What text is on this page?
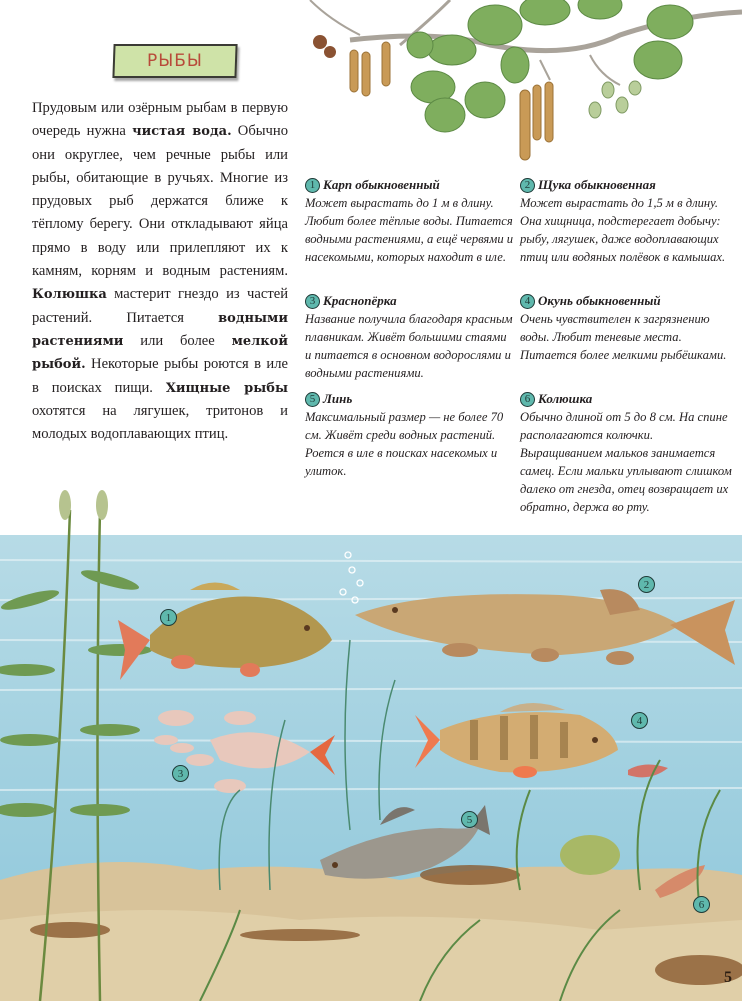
РЫБЫ
Прудовым или озёрным рыбам в первую очередь нужна чистая вода. Обычно они округлее, чем речные рыбы или рыбы, обитающие в ручьях. Многие из прудовых рыб держатся ближе к тёплому берегу. Они откладывают яйца прямо в воду или прилепляют их к камням, корням и водным растениям. Колюшка мастерит гнездо из частей растений. Питается водными растениями или более мелкой рыбой. Некоторые рыбы роются в иле в поисках пищи. Хищные рыбы охотятся на лягушек, тритонов и молодых водоплавающих птиц.
1 Карп обыкновенный
Может вырастать до 1 м в длину. Любит более тёплые воды. Питается водными растениями, а ещё червями и насекомыми, которых находит в иле.
2 Щука обыкновенная
Может вырастать до 1,5 м в длину. Она хищница, подстерегает добычу: рыбу, лягушек, даже водоплавающих птиц или водяных полёвок в камышах.
3 Краснопёрка
Название получила благодаря красным плавникам. Живёт большими стаями и питается в основном водорослями и водными растениями.
4 Окунь обыкновенный
Очень чувствителен к загрязнению воды. Любит теневые места. Питается более мелкими рыбёшками.
5 Линь
Максимальный размер — не более 70 см. Живёт среди водных растений. Роется в иле в поисках насекомых и улиток.
6 Колюшка
Обычно длиной от 5 до 8 см. На спине располагаются колючки. Выращиванием мальков занимается самец. Если мальки уплывают слишком далеко от гнезда, отец возвращает их обратно, держа во рту.
1
2
3
4
5
6
5
